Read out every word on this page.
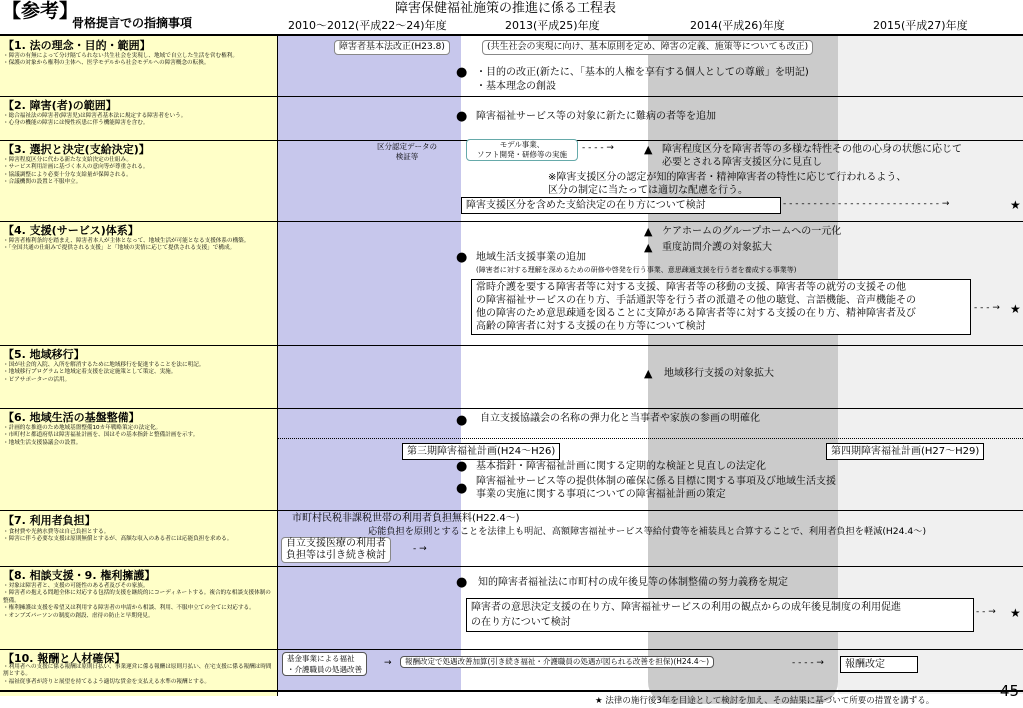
【参考】	障害保健福祉施策の推進に係る工程表
骨格提言での指摘事項	2010～2012(平成22～24)年度	2013(平成25)年度	2014(平成26)年度	2015(平成27)年度
【1. 法の理念・目的・範囲】
・障害の有無によって分け隔てられない共生社会を実現し、地域で自立した生活を営む権利。
・保護の対象から権利の主体へ、医学モデルから社会モデルへの障害概念の転換。
【2. 障害(者)の範囲】
・総合福祉法の障害者(障害児)は障害者基本法に規定する障害者をいう。
・心身の機能の障害には慢性疾患に伴う機能障害を含む。
【3. 選択と決定(支給決定)】
・障害程度区分に代わる新たな支給決定の仕組み。
・サービス利用計画に基づく本人の意向等が尊重される。
・協議調整により必要十分な支給量が保障される。
・合議機関の設置と不服申立。
【4. 支援(サービス)体系】
・障害者権利条約を踏まえ、障害者本人が主体となって、地域生活が可能となる支援体系の構築。
・「全国共通の仕組みで提供される支援」と「地域の実情に応じて提供される支援」で構成。
【5. 地域移行】
・国が社会的入院、入所を解消するために地域移行を促進することを法に明記。
・地域移行プログラムと地域定着支援を法定施策として策定、実施。
・ピアサポーターの活用。
【6. 地域生活の基盤整備】
・計画的な推進のため地域基盤整備10カ年戦略策定の法定化。
・市町村と都道府県は障害福祉計画を、国はその基本指針と整備計画を示す。
・地域生活支援協議会の設置。
【7. 利用者負担】
・食材費や光熱水費等は自己負担とする。
・障害に伴う必要な支援は原則無償とするが、高額な収入のある者には応能負担を求める。
【8. 相談支援・9. 権利擁護】
・対象は障害者と、支援の可能性のある者及びその家族。
・障害者の抱える問題全体に対応する包括的支援を継続的にコーディネートする。複合的な相談支援体制の整備。
・権利擁護は支援を希望又は利用する障害者の申請から相談、利用、不服申立ての全てに対応する。
・オンブズパーソンの制度の創設、虐待の防止と早期発見。
【10. 報酬と人材確保】
・利用者への支援に係る報酬は原則日払い、事業運営に係る報酬は原則月払い、在宅支援に係る報酬は時間割とする。
・福祉従事者が誇りと展望を持てるよう適切な賃金を支払える水準の報酬とする。
障害者基本法改正(H23.8)	(共生社会の実現に向け、基本原則を定め、障害の定義、施策等についても改正)
● ・目的の改正(新たに、「基本的人権を享有する個人としての尊厳」を明記)
・基本理念の創設
● 障害福祉サービス等の対象に新たに難病の者等を追加
区分認定データの
検証等
モデル事業、
ソフト開発・研修等の実施
- - - - →	▲ 障害程度区分を障害者等の多様な特性その他の心身の状態に応じて
必要とされる障害支援区分に見直し
※障害支援区分の認定が知的障害者・精神障害者の特性に応じて行われるよう、
区分の制定に当たっては適切な配慮を行う。
障害支援区分を含めた支給決定の在り方について検討	- - - - - - - - - - - - - - - - - - - - - - - - - - →	★
▲ ケアホームのグループホームへの一元化
▲ 重度訪問介護の対象拡大
● 地域生活支援事業の追加
(障害者に対する理解を深めるための研修や啓発を行う事業、意思疎通支援を行う者を養成する事業等)
常時介護を要する障害者等に対する支援、障害者等の移動の支援、障害者等の就労の支援その他
の障害福祉サービスの在り方、手話通訳等を行う者の派遣その他の聴覚、言語機能、音声機能その
他の障害のため意思疎通を図ることに支障がある障害者等に対する支援の在り方、精神障害者及び
高齢の障害者に対する支援の在り方等について検討
- - - → ★
▲ 地域移行支援の対象拡大
● 自立支援協議会の名称の弾力化と当事者や家族の参画の明確化
第三期障害福祉計画(H24～H26)	第四期障害福祉計画(H27～H29)
● 基本指針・障害福祉計画に関する定期的な検証と見直しの法定化
● 障害福祉サービス等の提供体制の確保に係る目標に関する事項及び地域生活支援
事業の実施に関する事項についての障害福祉計画の策定
市町村民税非課税世帯の利用者負担無料(H22.4～)
応能負担を原則とすることを法律上も明記、高額障害福祉サービス等給付費等を補装具と合算することで、利用者負担を軽減(H24.4～)
自立支援医療の利用者
負担等は引き続き検討
- →
● 知的障害者福祉法に市町村の成年後見等の体制整備の努力義務を規定
障害者の意思決定支援の在り方、障害福祉サービスの利用の観点からの成年後見制度の利用促進
の在り方について検討
- - → ★
基金事業による福祉
・介護職員の処遇改善
→	報酬改定で処遇改善加算(引き続き福祉・介護職員の処遇が図られる改善を担保)(H24.4～)	- - - - →	報酬改定
45
★ 法律の施行後3年を目途として検討を加え、その結果に基づいて所要の措置を講ずる。
